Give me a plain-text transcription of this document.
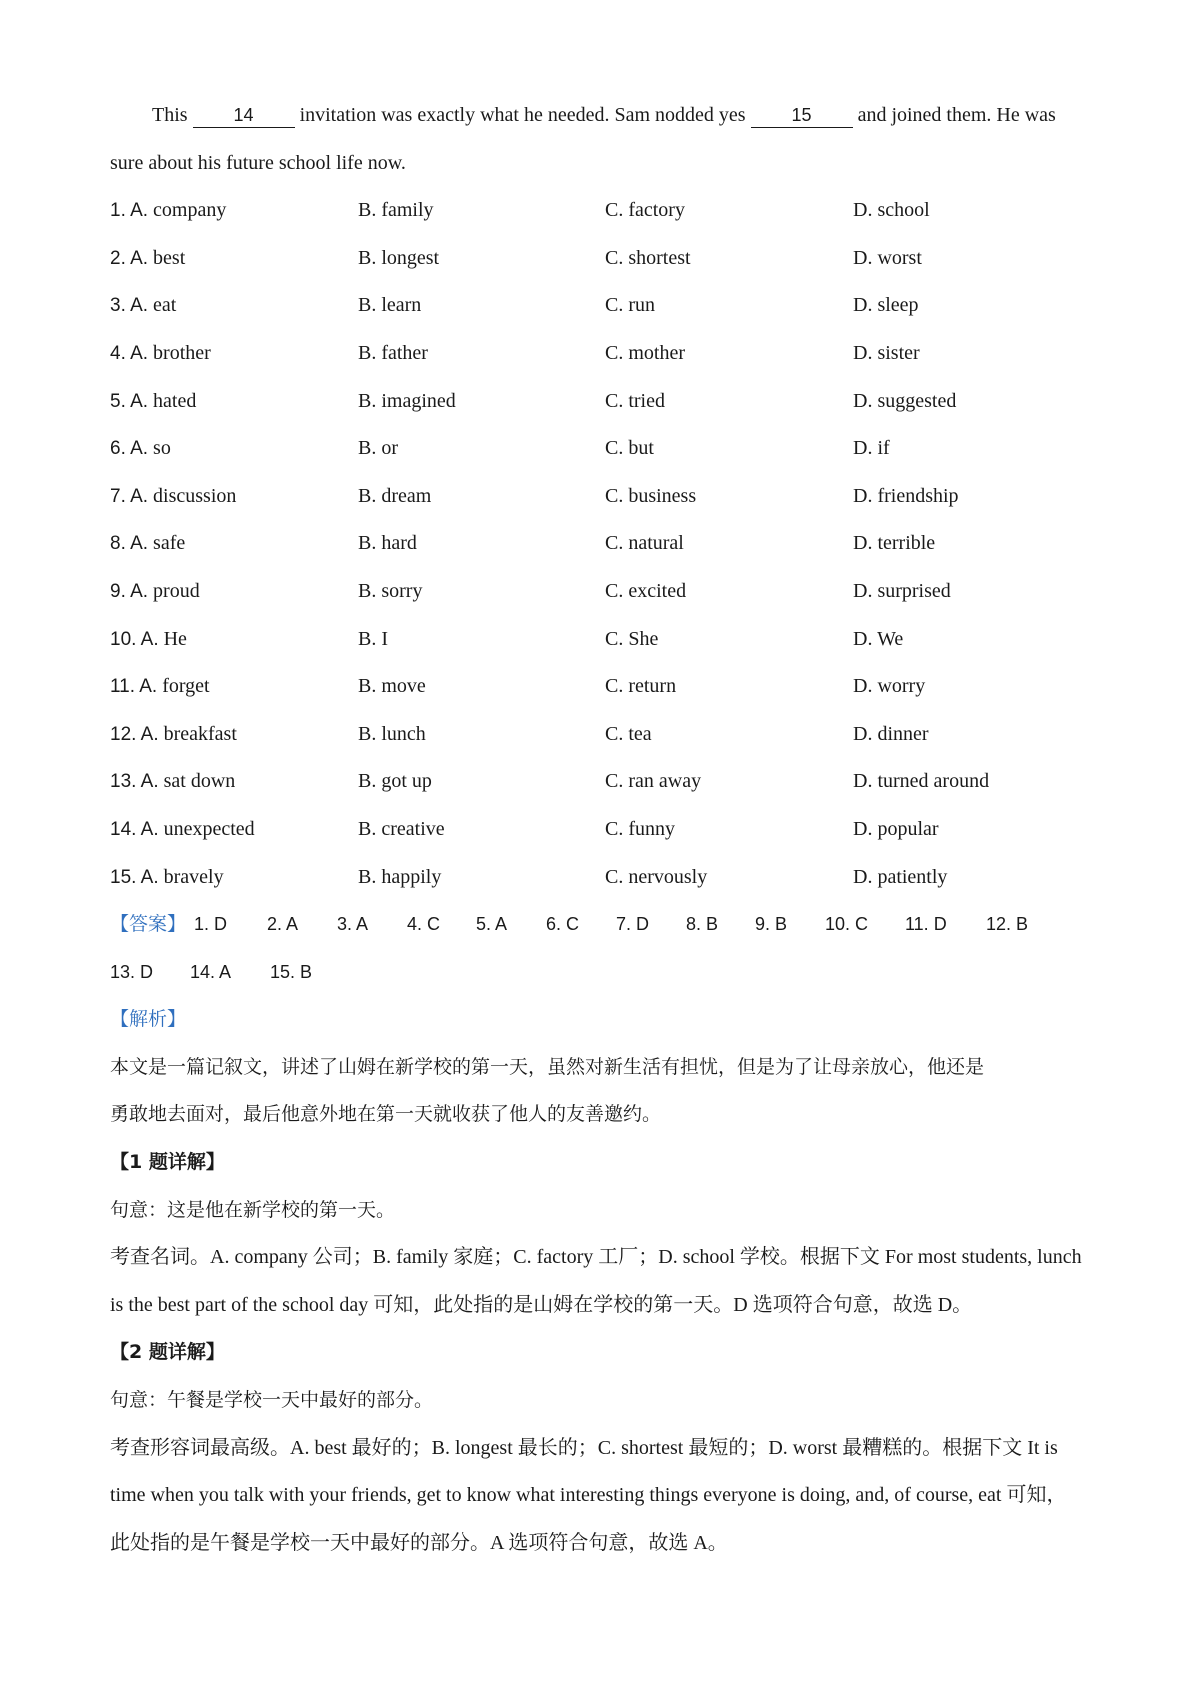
This 14 invitation was exactly what he needed. Sam nodded yes 15 and joined them. He was
sure about his future school life now.
1. A. company	B. family	C. factory	D. school
2. A. best	B. longest	C. shortest	D. worst
3. A. eat	B. learn	C. run	D. sleep
4. A. brother	B. father	C. mother	D. sister
5. A. hated	B. imagined	C. tried	D. suggested
6. A. so	B. or	C. but	D. if
7. A. discussion	B. dream	C. business	D. friendship
8. A. safe	B. hard	C. natural	D. terrible
9. A. proud	B. sorry	C. excited	D. surprised
10. A. He	B. I	C. She	D. We
11. A. forget	B. move	C. return	D. worry
12. A. breakfast	B. lunch	C. tea	D. dinner
13. A. sat down	B. got up	C. ran away	D. turned around
14. A. unexpected	B. creative	C. funny	D. popular
15. A. bravely	B. happily	C. nervously	D. patiently
【答案】 1. D 2. A 3. A 4. C 5. A 6. C 7. D 8. B 9. B 10. C 11. D 12. B
13. D 14. A 15. B
【解析】
本文是一篇记叙文，讲述了山姆在新学校的第一天，虽然对新生活有担忧，但是为了让母亲放心，他还是
勇敢地去面对，最后他意外地在第一天就收获了他人的友善邀约。
【1 题详解】
句意：这是他在新学校的第一天。
考查名词。A. company 公司；B. family 家庭；C. factory 工厂；D. school 学校。根据下文 For most students, lunch
is the best part of the school day 可知，此处指的是山姆在学校的第一天。D 选项符合句意，故选 D。
【2 题详解】
句意：午餐是学校一天中最好的部分。
考查形容词最高级。A. best 最好的；B. longest 最长的；C. shortest 最短的；D. worst 最糟糕的。根据下文 It is
time when you talk with your friends, get to know what interesting things everyone is doing, and, of course, eat 可知，
此处指的是午餐是学校一天中最好的部分。A 选项符合句意，故选 A。
